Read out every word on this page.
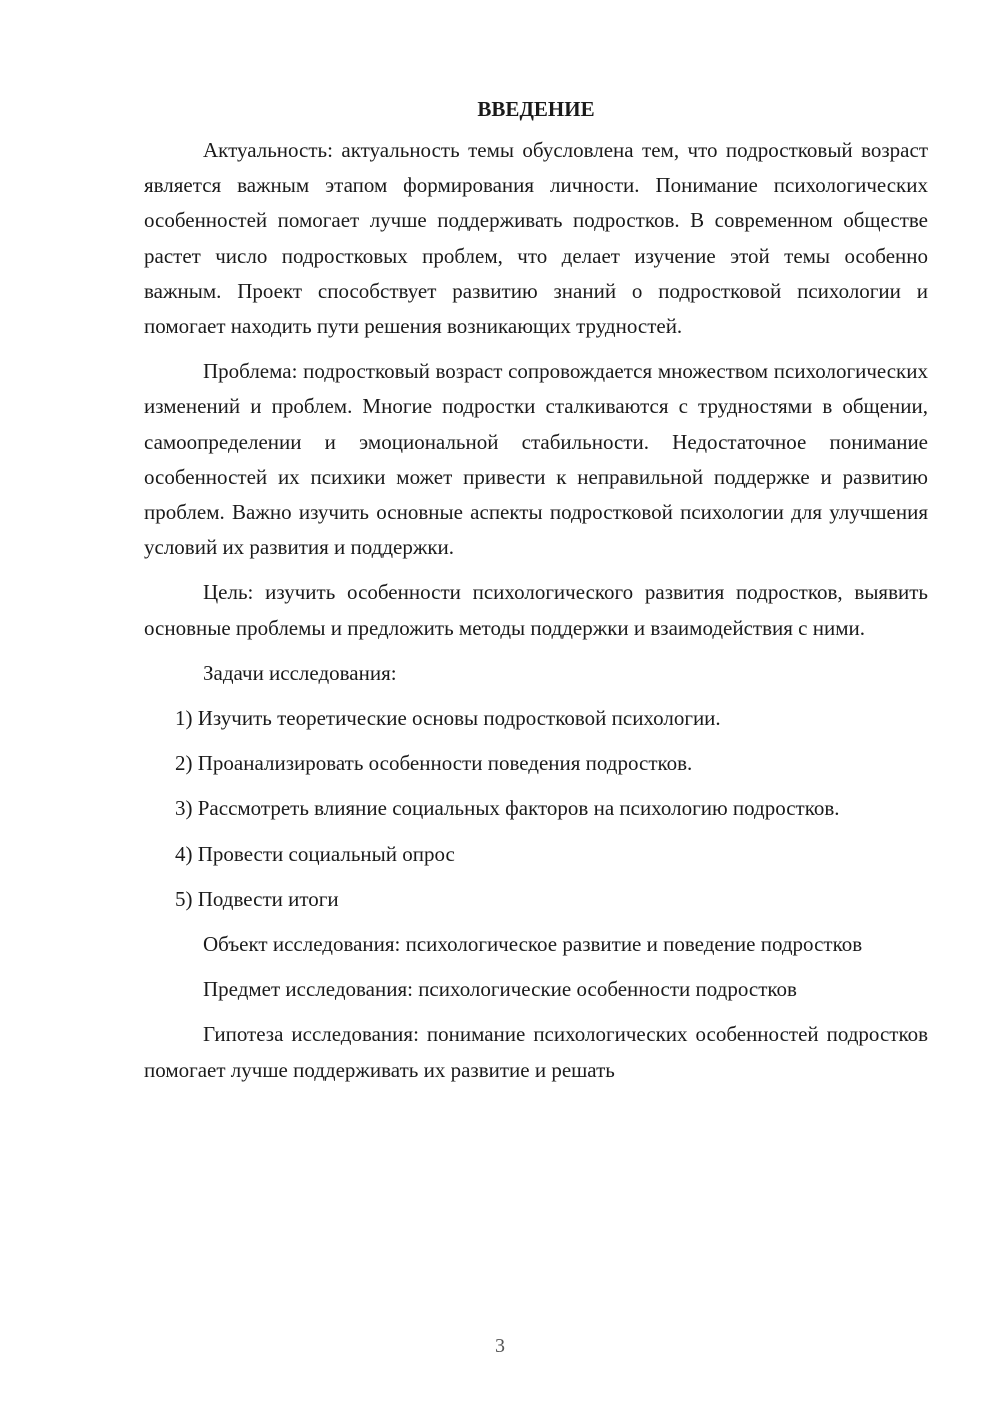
ВВЕДЕНИЕ

Актуальность: актуальность темы обусловлена тем, что подростковый возраст является важным этапом формирования личности. Понимание психологических особенностей помогает лучше поддерживать подростков. В современном обществе растет число подростковых проблем, что делает изучение этой темы особенно важным. Проект способствует развитию знаний о подростковой психологии и помогает находить пути решения возникающих трудностей.

Проблема: подростковый возраст сопровождается множеством психологических изменений и проблем. Многие подростки сталкиваются с трудностями в общении, самоопределении и эмоциональной стабильности. Недостаточное понимание особенностей их психики может привести к неправильной поддержке и развитию проблем. Важно изучить основные аспекты подростковой психологии для улучшения условий их развития и поддержки.

Цель: изучить особенности психологического развития подростков, выявить основные проблемы и предложить методы поддержки и взаимодействия с ними.

Задачи исследования:

1) Изучить теоретические основы подростковой психологии.

2) Проанализировать особенности поведения подростков.

3) Рассмотреть влияние социальных факторов на психологию подростков.

4) Провести социальный опрос

5) Подвести итоги

Объект исследования: психологическое развитие и поведение подростков

Предмет исследования: психологические особенности подростков

Гипотеза исследования: понимание психологических особенностей подростков помогает лучше поддерживать их развитие и решать

3
